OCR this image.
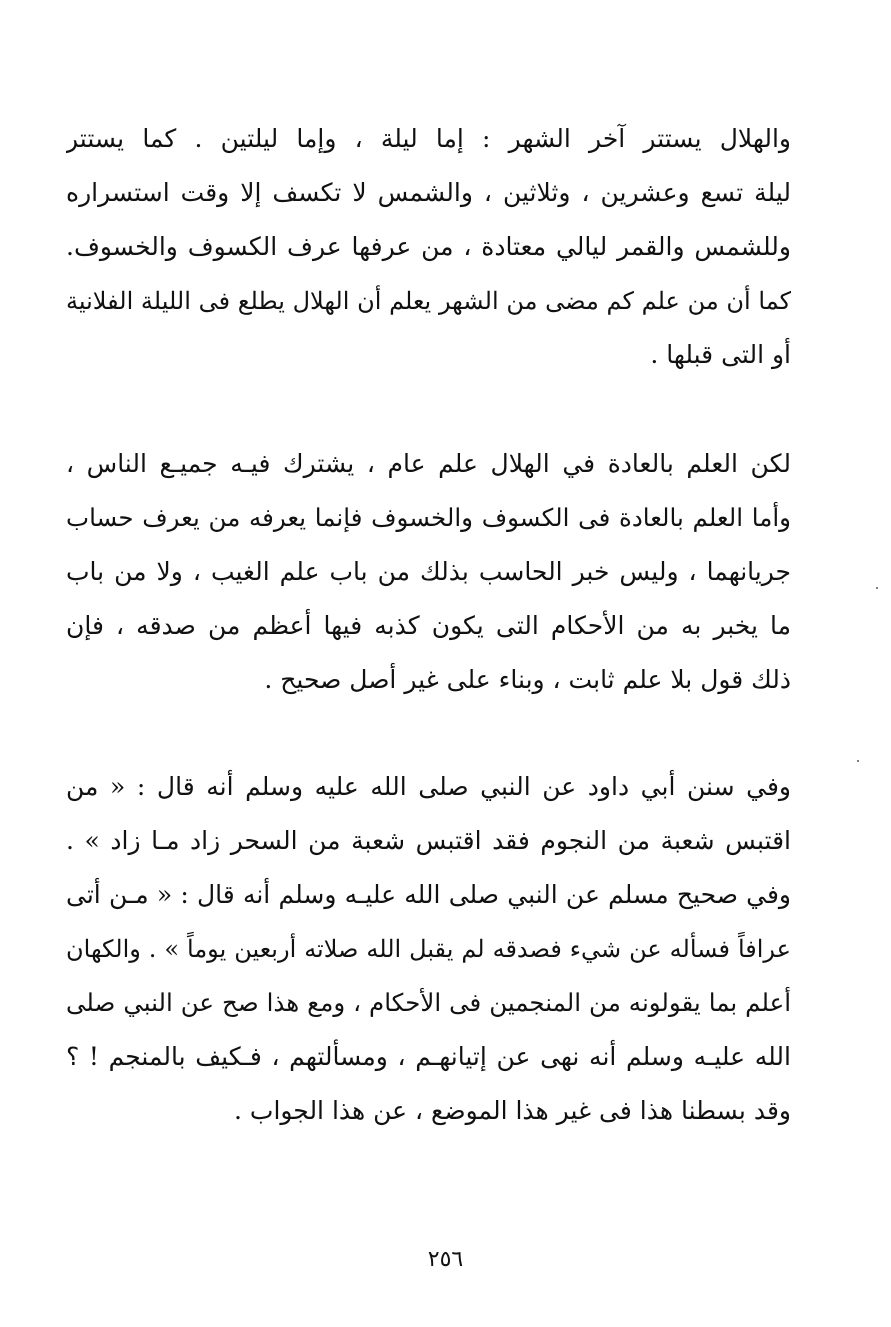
والهلال يستتر آخر الشهر : إما ليلة ، وإما ليلتين . كما يستتر
ليلة تسع وعشرين ، وثلاثين ، والشمس لا تكسف إلا وقت استسراره
وللشمس والقمر ليالي معتادة ، من عرفها عرف الكسوف والخسوف.
كما أن من علم كم مضى من الشهر يعلم أن الهلال يطلع فى الليلة الفلانية
أو التى قبلها .
لكن العلم بالعادة في الهلال علم عام ، يشترك فيـه جميـع الناس ،
وأما العلم بالعادة فى الكسوف والخسوف فإنما يعرفه من يعرف حساب
جريانهما ، وليس خبر الحاسب بذلك من باب علم الغيب ، ولا من باب
ما يخبر به من الأحكام التى يكون كذبه فيها أعظم من صدقه ، فإن
ذلك قول بلا علم ثابت ، وبناء على غير أصل صحيح .
وفي سنن أبي داود عن النبي صلى الله عليه وسلم أنه قال : « من
اقتبس شعبة من النجوم فقد اقتبس شعبة من السحر زاد مـا زاد » .
وفي صحيح مسلم عن النبي صلى الله عليـه وسلم أنه قال : « مـن أتى
عرافاً فسأله عن شيء فصدقه لم يقبل الله صلاته أربعين يوماً » . والكهان
أعلم بما يقولونه من المنجمين فى الأحكام ، ومع هذا صح عن النبي صلى
الله عليـه وسلم أنه نهى عن إتيانهـم ، ومسألتهم ، فـكيف بالمنجم ! ؟
وقد بسطنا هذا فى غير هذا الموضع ، عن هذا الجواب .
٢٥٦
